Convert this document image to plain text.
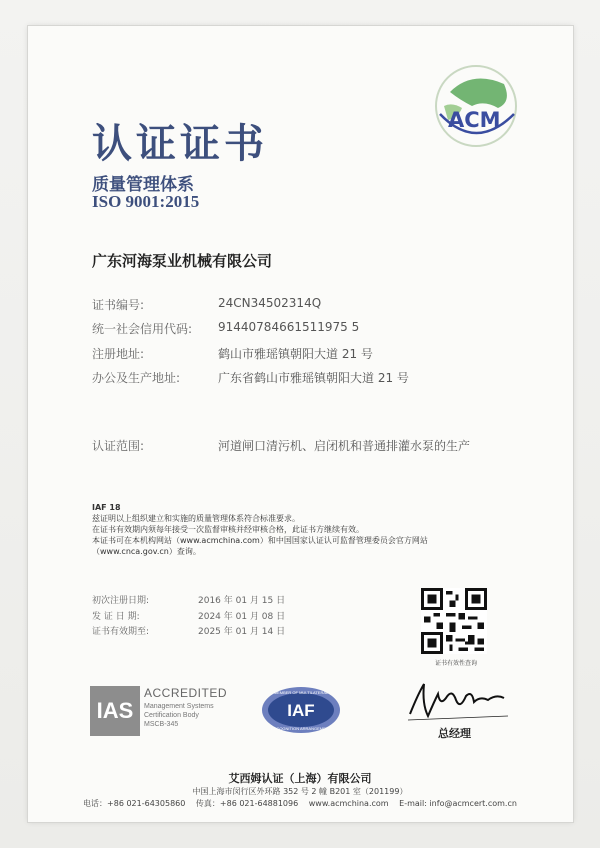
ACM
认证证书
质量管理体系
ISO 9001:2015
广东河海泵业机械有限公司
证书编号:	24CN34502314Q
统一社会信用代码: 91440784661511975 5
注册地址:	鹤山市雅瑶镇朝阳大道 21 号
办公及生产地址:	广东省鹤山市雅瑶镇朝阳大道 21 号
认证范围:	河道闸口清污机、启闭机和普通排灌水泵的生产
IAF 18
兹证明以上组织建立和实施的质量管理体系符合标准要求。
在证书有效期内须每年接受一次监督审核并经审核合格，此证书方继续有效。
本证书可在本机构网站（www.acmchina.com）和中国国家认证认可监督管理委员会官方网站
（www.cnca.gov.cn）查询。
初次注册日期:	2016 年 01 月 15 日
发 证 日 期:	2024 年 01 月 08 日
证书有效期至:	2025 年 01 月 14 日
证书有效性查询
IAS
ACCREDITED
Management Systems
Certification Body
MSCB-345
IAF
MEMBER OF MULTILATERAL
RECOGNITION ARRANGEMENT	总经理
艾西姆认证（上海）有限公司
中国上海市闵行区外环路 352 号 2 幢 B201 室（201199）
电话：+86 021-64305860 传真：+86 021-64881096 www.acmchina.com E-mail: info@acmcert.com.cn
